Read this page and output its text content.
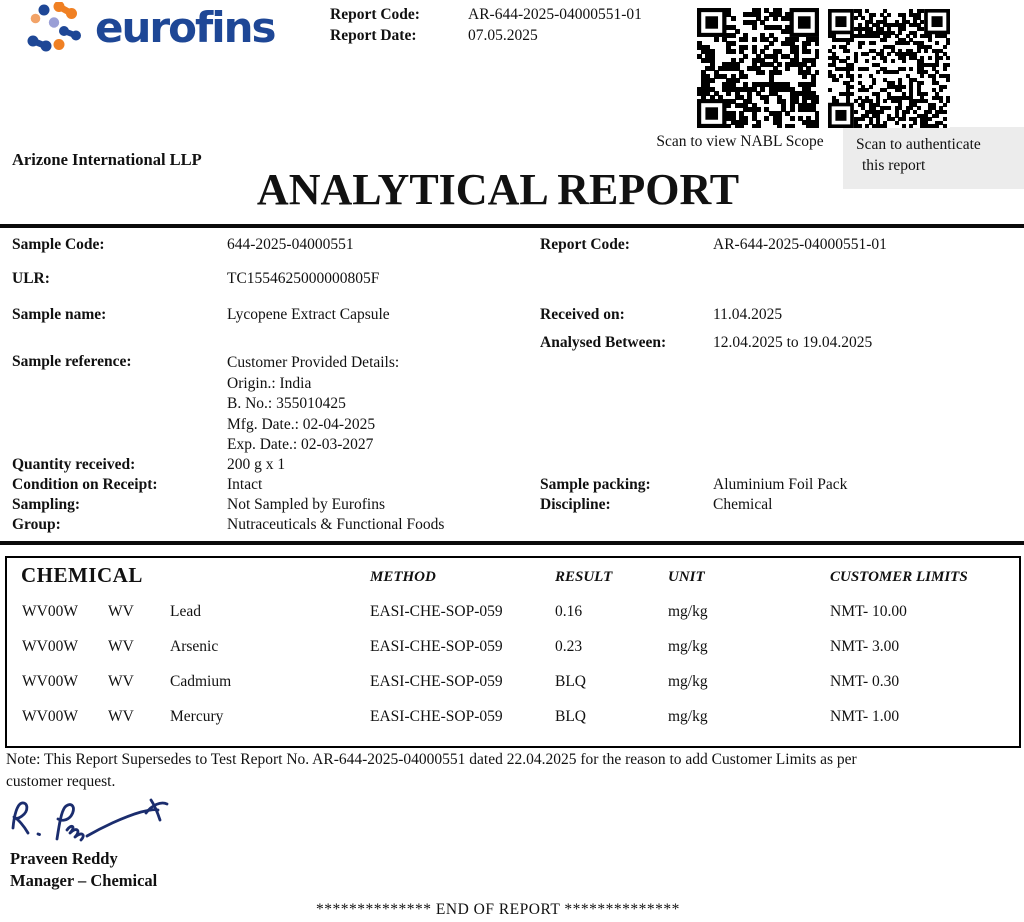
eurofins	Report Code:	AR-644-2025-04000551-01
Report Date:	07.05.2025
Scan to view NABL Scope	Scan to authenticate
this report
Arizone International LLP
ANALYTICAL REPORT
Sample Code:	644-2025-04000551	Report Code:	AR-644-2025-04000551-01
ULR:	TC1554625000000805F
Sample name:	Lycopene Extract Capsule	Received on:	11.04.2025
Analysed Between:	12.04.2025 to 19.04.2025
Sample reference:	Customer Provided Details:
Origin.: India
B. No.: 355010425
Mfg. Date.: 02-04-2025
Exp. Date.: 02-03-2027
Quantity received:	200 g x 1
Condition on Receipt:	Intact	Sample packing:	Aluminium Foil Pack
Sampling:	Not Sampled by Eurofins	Discipline:	Chemical
Group:	Nutraceuticals & Functional Foods
CHEMICAL	METHOD	RESULT	UNIT	CUSTOMER LIMITS
WV00W WV Lead	EASI-CHE-SOP-059	0.16	mg/kg	NMT- 10.00
WV00W WV Arsenic	EASI-CHE-SOP-059	0.23	mg/kg	NMT- 3.00
WV00W WV Cadmium	EASI-CHE-SOP-059	BLQ	mg/kg	NMT- 0.30
WV00W WV Mercury	EASI-CHE-SOP-059	BLQ	mg/kg	NMT- 1.00
Note: This Report Supersedes to Test Report No. AR-644-2025-04000551 dated 22.04.2025 for the reason to add Customer Limits as per
customer request.
Praveen Reddy
Manager – Chemical
************** END OF REPORT **************
